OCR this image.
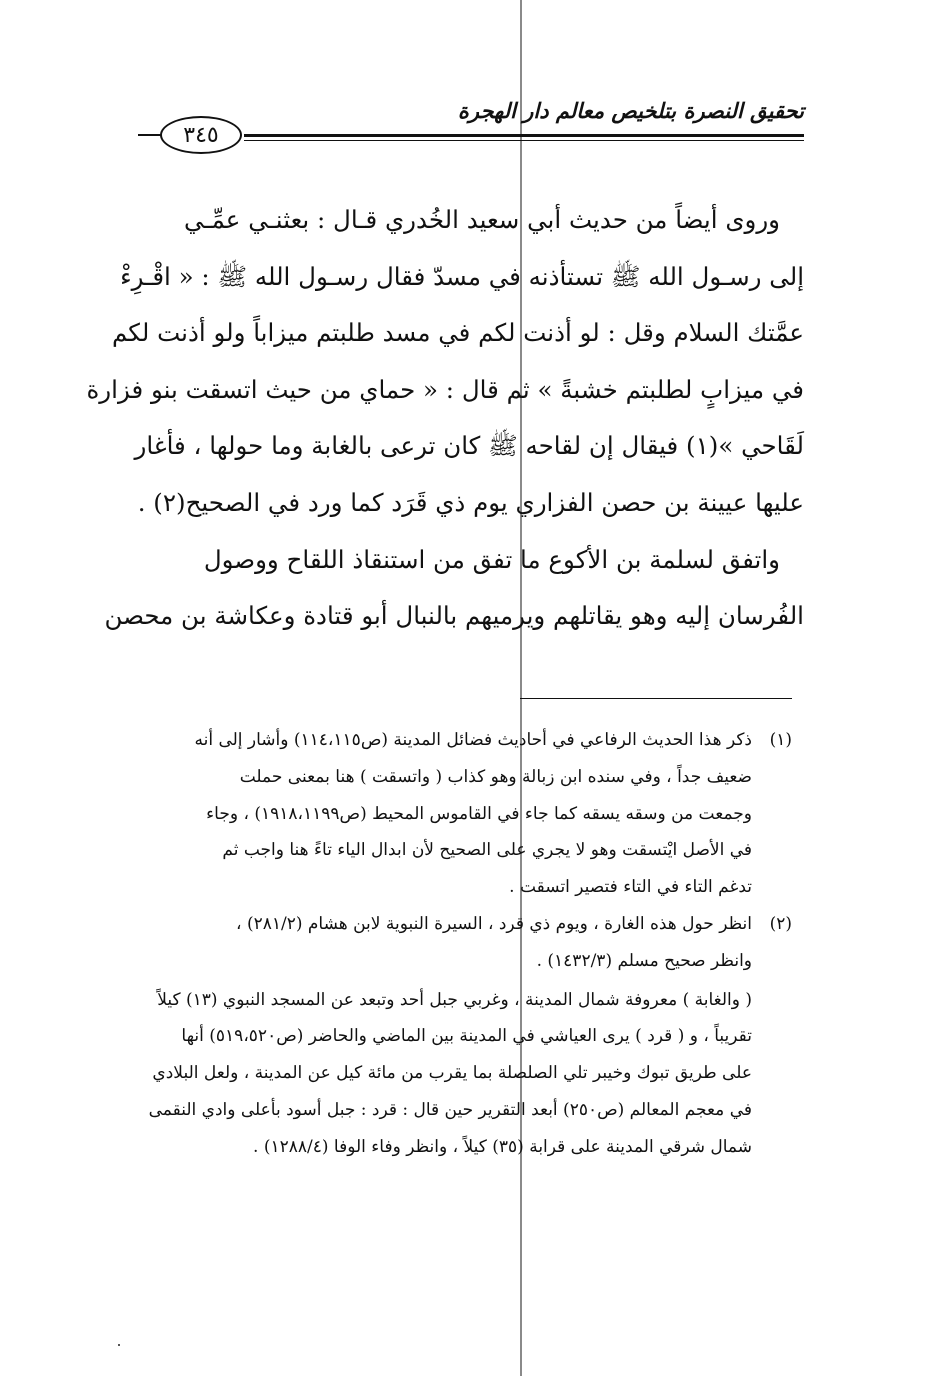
تحقيق النصرة بتلخيص معالم دار الهجرة
٣٤٥
وروى أيضاً من حديث أبي سعيد الخُدري قـال : بعثنـي عمِّـي
إلى رسـول الله ﷺ تستأذنه في مسدّ فقال رسـول الله ﷺ : « اقْـرِءْ
عمَّتك السلام وقل : لو أذنت لكم في مسد طلبتم ميزاباً ولو أذنت لكم
في ميزابٍ لطلبتم خشبةً » ثم قال : « حماي من حيث اتسقت بنو فزارة
لَقَاحي »(١) فيقال إن لقاحه ﷺ كان ترعى بالغابة وما حولها ، فأغار
عليها عيينة بن حصن الفزاري يوم ذي قَرَد كما ورد في الصحيح(٢) .
واتفق لسلمة بن الأكوع ما تفق من استنقاذ اللقاح ووصول
الفُرسان إليه وهو يقاتلهم ويرميهم بالنبال أبو قتادة وعكاشة بن محصن
(١)
ذكر هذا الحديث الرفاعي في أحاديث فضائل المدينة (ص١١٤،١١٥) وأشار إلى أنه
ضعيف جداً ، وفي سنده ابن زبالة وهو كذاب ( واتسقت ) هنا بمعنى حملت
وجمعت من وسقه يسقه كما جاء في القاموس المحيط (ص١٩١٨،١١٩٩) ، وجاء
في الأصل ايْتسقت وهو لا يجري على الصحيح لأن ابدال الياء تاءً هنا واجب ثم
تدغم التاء في التاء فتصير اتسقت .
(٢)
انظر حول هذه الغارة ، ويوم ذي قرد ، السيرة النبوية لابن هشام (٢٨١/٢) ،
وانظر صحيح مسلم (١٤٣٢/٣) .
( والغابة ) معروفة شمال المدينة ، وغربي جبل أحد وتبعد عن المسجد النبوي (١٣) كيلاً
تقريباً ، و ( قرد ) يرى العياشي في المدينة بين الماضي والحاضر (ص٥١٩،٥٢٠) أنها
على طريق تبوك وخيبر تلي الصلصلة بما يقرب من مائة كيل عن المدينة ، ولعل البلادي
في معجم المعالم (ص٢٥٠) أبعد التقرير حين قال : قرد : جبل أسود بأعلى وادي النقمى
شمال شرقي المدينة على قرابة (٣٥) كيلاً ، وانظر وفاء الوفا (١٢٨٨/٤) .
